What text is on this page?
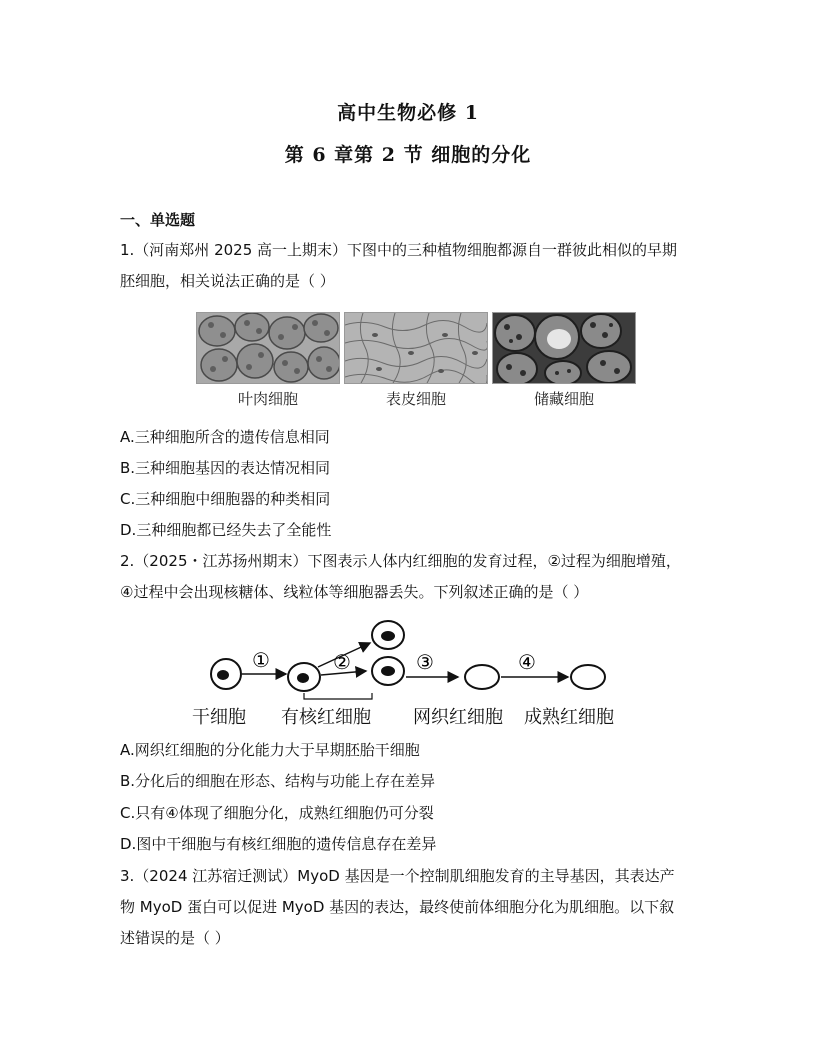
高中生物必修 1
第 6 章第 2 节 细胞的分化
一、单选题
1.（河南郑州 2025 高一上期末）下图中的三种植物细胞都源自一群彼此相似的早期
胚细胞，相关说法正确的是（ ）
叶肉细胞	表皮细胞	储藏细胞
A.三种细胞所含的遗传信息相同
B.三种细胞基因的表达情况相同
C.三种细胞中细胞器的种类相同
D.三种细胞都已经失去了全能性
2.（2025・江苏扬州期末）下图表示人体内红细胞的发育过程，②过程为细胞增殖，
④过程中会出现核糖体、线粒体等细胞器丢失。下列叙述正确的是（ ）
①	②	③	④
干细胞 有核红细胞 网织红细胞 成熟红细胞
A.网织红细胞的分化能力大于早期胚胎干细胞
B.分化后的细胞在形态、结构与功能上存在差异
C.只有④体现了细胞分化，成熟红细胞仍可分裂
D.图中干细胞与有核红细胞的遗传信息存在差异
3.（2024 江苏宿迁测试）MyoD 基因是一个控制肌细胞发育的主导基因，其表达产
物 MyoD 蛋白可以促进 MyoD 基因的表达，最终使前体细胞分化为肌细胞。以下叙
述错误的是（ ）
